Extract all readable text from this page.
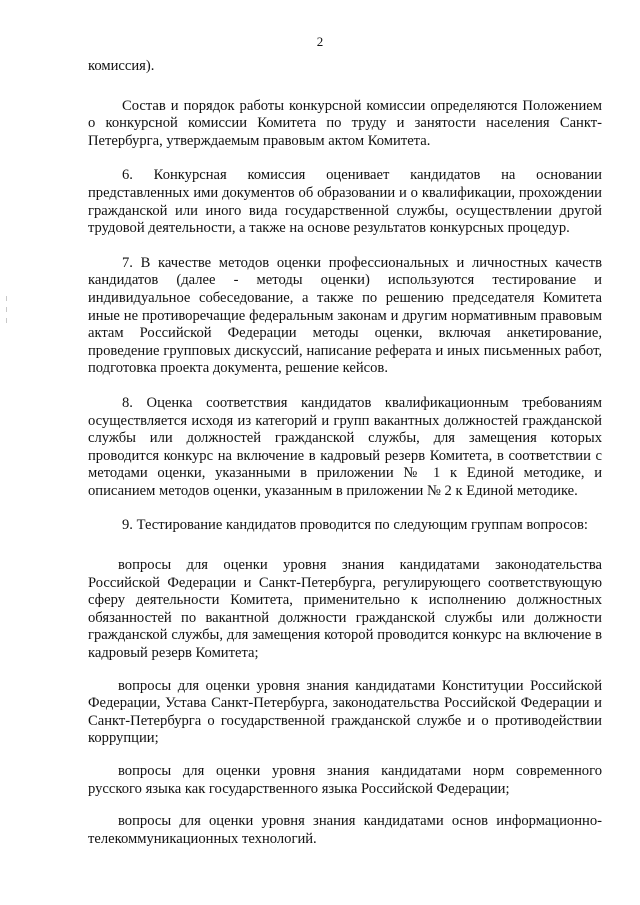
2

комиссия).

Состав и порядок работы конкурсной комиссии определяются Положением о конкурсной комиссии Комитета по труду и занятости населения Санкт-Петербурга, утверждаемым правовым актом Комитета.

6. Конкурсная комиссия оценивает кандидатов на основании представленных ими документов об образовании и о квалификации, прохождении гражданской или иного вида государственной службы, осуществлении другой трудовой деятельности, а также на основе результатов конкурсных процедур.

7. В качестве методов оценки профессиональных и личностных качеств кандидатов (далее - методы оценки) используются тестирование и индивидуальное собеседование, а также по решению председателя Комитета иные не противоречащие федеральным законам и другим нормативным правовым актам Российской Федерации методы оценки, включая анкетирование, проведение групповых дискуссий, написание реферата и иных письменных работ, подготовка проекта документа, решение кейсов.

8. Оценка соответствия кандидатов квалификационным требованиям осуществляется исходя из категорий и групп вакантных должностей гражданской службы или должностей гражданской службы, для замещения которых проводится конкурс на включение в кадровый резерв Комитета, в соответствии с методами оценки, указанными в приложении № 1 к Единой методике, и описанием методов оценки, указанным в приложении № 2 к Единой методике.

9. Тестирование кандидатов проводится по следующим группам вопросов:

вопросы для оценки уровня знания кандидатами законодательства Российской Федерации и Санкт-Петербурга, регулирующего соответствующую сферу деятельности Комитета, применительно к исполнению должностных обязанностей по вакантной должности гражданской службы или должности гражданской службы, для замещения которой проводится конкурс на включение в кадровый резерв Комитета;

вопросы для оценки уровня знания кандидатами Конституции Российской Федерации, Устава Санкт-Петербурга, законодательства Российской Федерации и Санкт-Петербурга о государственной гражданской службе и о противодействии коррупции;

вопросы для оценки уровня знания кандидатами норм современного русского языка как государственного языка Российской Федерации;

вопросы для оценки уровня знания кандидатами основ информационно-телекоммуникационных технологий.
